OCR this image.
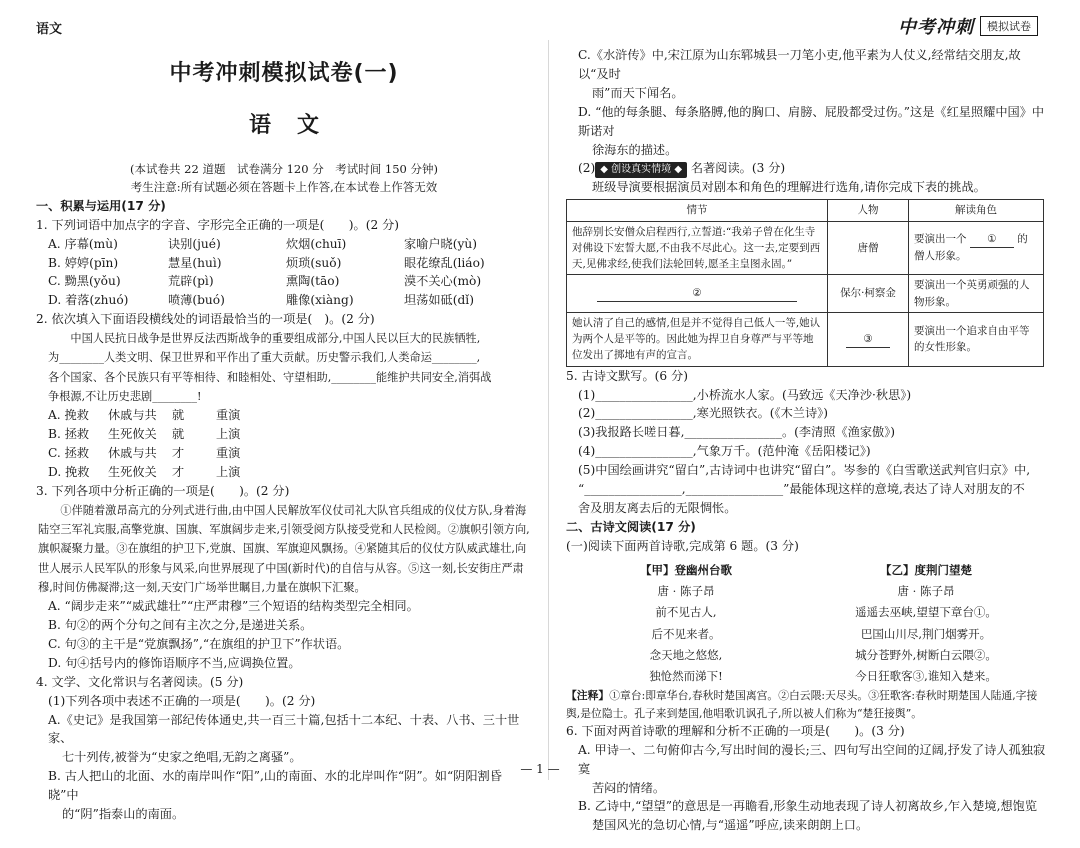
语文	中考冲刺	模拟试卷
中考冲刺模拟试卷(一)
语文
(本试卷共 22 道题　试卷满分 120 分　考试时间 150 分钟)
考生注意:所有试题必须在答题卡上作答,在本试卷上作答无效
一、积累与运用(17 分)
1. 下列词语中加点字的字音、字形完全正确的一项是(　　)。(2 分)
A. 序幕(mù)	诀别(jué)	炊烟(chuī)	家喻户晓(yù)
B. 婷婷(pīn)	慧星(huì)	烦琐(suǒ)	眼花缭乱(liáo)
C. 黝黑(yǒu)	荒辟(pì)	熏陶(tāo)	漠不关心(mò)
D. 着落(zhuó)	喷薄(buó)	雕像(xiàng)	坦荡如砥(dǐ)
2. 依次填入下面语段横线处的词语最恰当的一项是(　)。(2 分)
中国人民抗日战争是世界反法西斯战争的重要组成部分,中国人民以巨大的民族牺牲,
为________人类文明、保卫世界和平作出了重大贡献。历史警示我们,人类命运________,
各个国家、各个民族只有平等相待、和睦相处、守望相助,________能维护共同安全,消弭战
争根源,不让历史悲剧________!
A. 挽救	休戚与共	就	重演
B. 拯救	生死攸关	就	上演
C. 拯救	休戚与共	才	重演
D. 挽救	生死攸关	才	上演
3. 下列各项中分析正确的一项是(　　)。(2 分)
①伴随着激昂高亢的分列式进行曲,由中国人民解放军仪仗司礼大队官兵组成的仪仗方队,身着海陆空三军礼宾服,高擎党旗、国旗、军旗阔步走来,引领受阅方队接受党和人民检阅。②旗帜引领方向,旗帜凝聚力量。③在旗组的护卫下,党旗、国旗、军旗迎风飘扬。④紧随其后的仪仗方队威武雄壮,向世人展示人民军队的形象与风采,向世界展现了中国(新时代)的自信与从容。⑤这一刻,长安街庄严肃穆,时间仿佛凝滞;这一刻,天安门广场举世瞩目,力量在旗帜下汇聚。
A. “阔步走来”“威武雄壮”“庄严肃穆”三个短语的结构类型完全相同。
B. 句②的两个分句之间有主次之分,是递进关系。
C. 句③的主干是“党旗飘扬”,“在旗组的护卫下”作状语。
D. 句④括号内的修饰语顺序不当,应调换位置。
4. 文学、文化常识与名著阅读。(5 分)
(1)下列各项中表述不正确的一项是(　　)。(2 分)
A.《史记》是我国第一部纪传体通史,共一百三十篇,包括十二本纪、十表、八书、三十世家、
七十列传,被誉为“史家之绝唱,无韵之离骚”。
B. 古人把山的北面、水的南岸叫作“阳”,山的南面、水的北岸叫作“阴”。如“阴阳割昏晓”中
的“阴”指泰山的南面。
C.《水浒传》中,宋江原为山东郓城县一刀笔小吏,他平素为人仗义,经常结交朋友,故以“及时
雨”而天下闻名。
D. “他的每条腿、每条胳膊,他的胸口、肩膀、屁股都受过伤。”这是《红星照耀中国》中斯诺对
徐海东的描述。
(2) ◆ 创设真实情境 ◆ 名著阅读。(3 分)
班级导演要根据演员对剧本和角色的理解进行选角,请你完成下表的挑战。
情节	人物	解读角色
他辞别长安僧众启程西行,立誓道:“我弟子曾在化生寺对佛设下宏誓大愿,不由我不尽此心。这一去,定要到西天,见佛求经,使我们法轮回转,愿圣主皇图永固。”	唐僧	要演出一个 ① 的僧人形象。
②	保尔·柯察金	要演出一个英勇顽强的人物形象。
她认清了自己的感情,但是并不觉得自己低人一等,她认为两个人是平等的。因此她为捍卫自身尊严与平等地位发出了掷地有声的宣言。	③	要演出一个追求自由平等的女性形象。
5. 古诗文默写。(6 分)
(1)________________,小桥流水人家。(马致远《天净沙·秋思》)
(2)________________,寒光照铁衣。(《木兰诗》)
(3)我报路长嗟日暮,________________。(李清照《渔家傲》)
(4)________________,气象万千。(范仲淹《岳阳楼记》)
(5)中国绘画讲究“留白”,古诗词中也讲究“留白”。岑参的《白雪歌送武判官归京》中,
“________________,________________”最能体现这样的意境,表达了诗人对朋友的不
舍及朋友离去后的无限惆怅。
二、古诗文阅读(17 分)
(一)阅读下面两首诗歌,完成第 6 题。(3 分)
【甲】登幽州台歌
唐 · 陈子昂
前不见古人,
后不见来者。
念天地之悠悠,
独怆然而涕下!
【乙】度荆门望楚
唐 · 陈子昂
遥遥去巫峡,望望下章台①。
巴国山川尽,荆门烟雾开。
城分苍野外,树断白云隈②。
今日狂歌客③,谁知入楚来。
【注释】①章台:即章华台,春秋时楚国离宫。②白云隈:天尽头。③狂歌客:春秋时期楚国人陆通,字接舆,是位隐士。孔子来到楚国,他唱歌讥讽孔子,所以被人们称为“楚狂接舆”。
6. 下面对两首诗歌的理解和分析不正确的一项是(　　)。(3 分)
A. 甲诗一、二句俯仰古今,写出时间的漫长;三、四句写出空间的辽阔,抒发了诗人孤独寂寞
苦闷的情绪。
B. 乙诗中,“望望”的意思是一再瞻看,形象生动地表现了诗人初离故乡,乍入楚境,想饱览
楚国风光的急切心情,与“遥遥”呼应,读来朗朗上口。
— 1 —
